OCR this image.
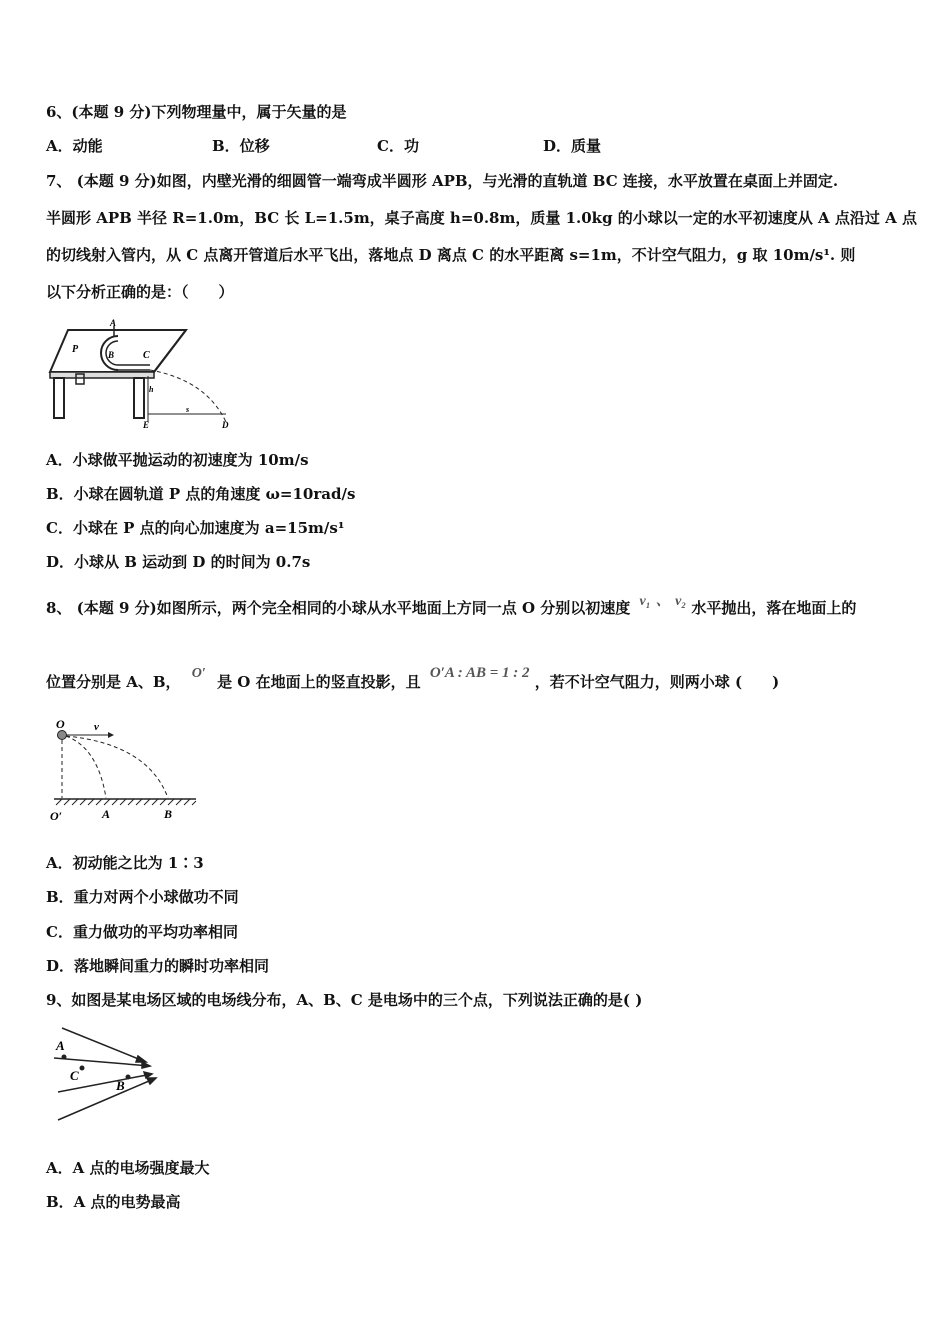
6、(本题 9 分)下列物理量中，属于矢量的是
A．动能	B．位移	C．功	D．质量
7、 (本题 9 分)如图，内壁光滑的细圆管一端弯成半圆形 APB，与光滑的直轨道 BC 连接，水平放置在桌面上并固定.
半圆形 APB 半径 R=1.0m，BC 长 L=1.5m，桌子高度 h=0.8m，质量 1.0kg 的小球以一定的水平初速度从 A 点沿过 A 点
的切线射入管内，从 C 点离开管道后水平飞出，落地点 D 离点 C 的水平距离 s=1m，不计空气阻力，g 取 10m/s¹. 则
以下分析正确的是：（　　）
A
P	B	C
h
E
s
D
A．小球做平抛运动的初速度为 10m/s
B．小球在圆轨道 P 点的角速度 ω=10rad/s
C．小球在 P 点的向心加速度为 a=15m/s¹
D．小球从 B 运动到 D 的时间为 0.7s
8、 (本题 9 分)如图所示，两个完全相同的小球从水平地面上方同一点 O 分别以初速度 v₁ 、 v₂ 水平抛出，落在地面上的
位置分别是 A、B， O′ 是 O 在地面上的竖直投影，且 O′A : AB = 1 : 2 ，若不计空气阻力，则两小球 (　　)
O	v
O′	A	B
A．初动能之比为 1∶3
B．重力对两个小球做功不同
C．重力做功的平均功率相同
D．落地瞬间重力的瞬时功率相同
9、如图是某电场区域的电场线分布，A、B、C 是电场中的三个点，下列说法正确的是( )
A
C
B
A．A 点的电场强度最大
B．A 点的电势最高
